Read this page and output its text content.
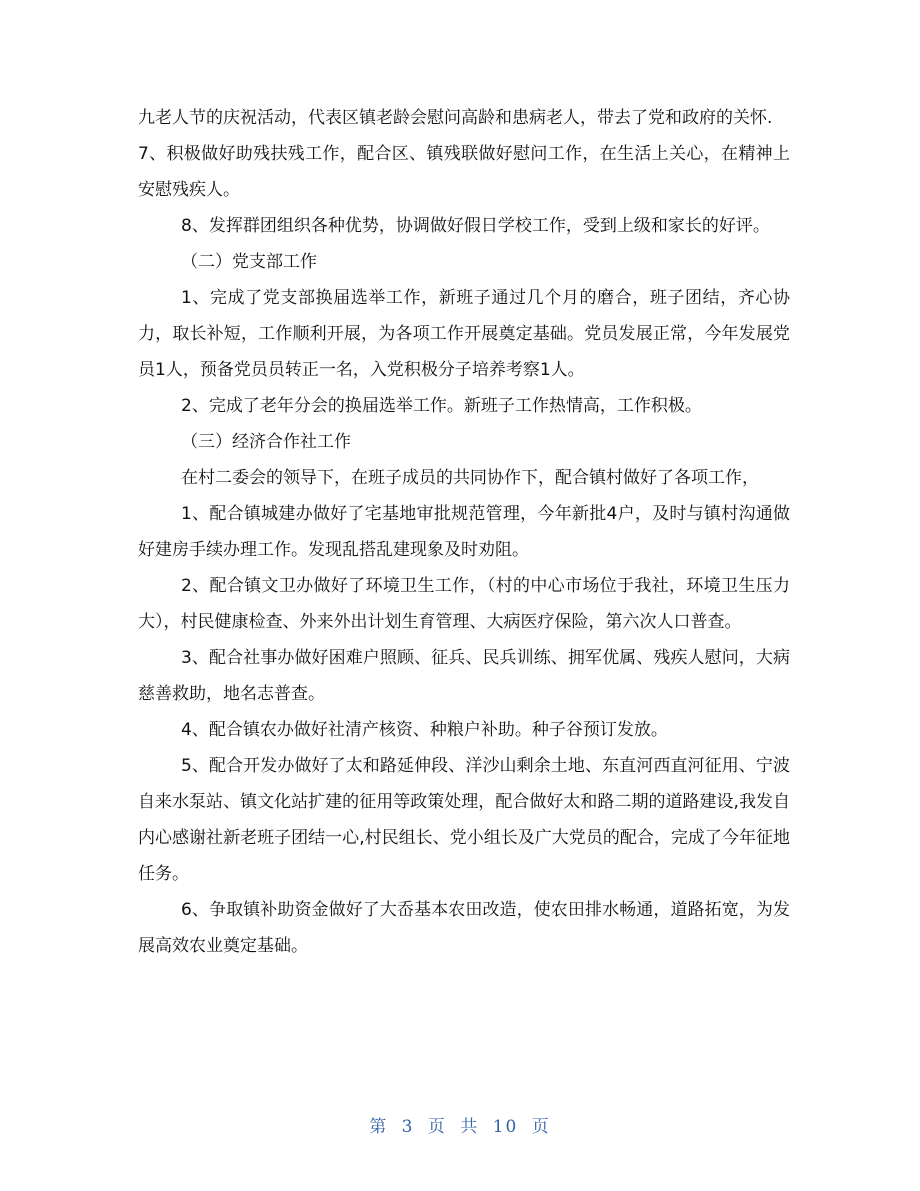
九老人节的庆祝活动，代表区镇老龄会慰问高龄和患病老人，带去了党和政府的关怀.

7、积极做好助残扶残工作，配合区、镇残联做好慰问工作，在生活上关心，在精神上安慰残疾人。

8、发挥群团组织各种优势，协调做好假日学校工作，受到上级和家长的好评。

（二）党支部工作

1、完成了党支部换届选举工作，新班子通过几个月的磨合，班子团结，齐心协力，取长补短，工作顺利开展，为各项工作开展奠定基础。党员发展正常，今年发展党员1人，预备党员员转正一名，入党积极分子培养考察1人。

2、完成了老年分会的换届选举工作。新班子工作热情高，工作积极。

（三）经济合作社工作

在村二委会的领导下，在班子成员的共同协作下，配合镇村做好了各项工作，

1、配合镇城建办做好了宅基地审批规范管理，今年新批4户，及时与镇村沟通做好建房手续办理工作。发现乱搭乱建现象及时劝阻。

2、配合镇文卫办做好了环境卫生工作，（村的中心市场位于我社，环境卫生压力大），村民健康检查、外来外出计划生育管理、大病医疗保险，第六次人口普查。

3、配合社事办做好困难户照顾、征兵、民兵训练、拥军优属、残疾人慰问，大病慈善救助，地名志普查。

4、配合镇农办做好社清产核资、种粮户补助。种子谷预订发放。

5、配合开发办做好了太和路延伸段、洋沙山剩余土地、东直河西直河征用、宁波自来水泵站、镇文化站扩建的征用等政策处理，配合做好太和路二期的道路建设,我发自内心感谢社新老班子团结一心,村民组长、党小组长及广大党员的配合，完成了今年征地任务。

6、争取镇补助资金做好了大岙基本农田改造，使农田排水畅通，道路拓宽，为发展高效农业奠定基础。

第 3 页 共 10 页
